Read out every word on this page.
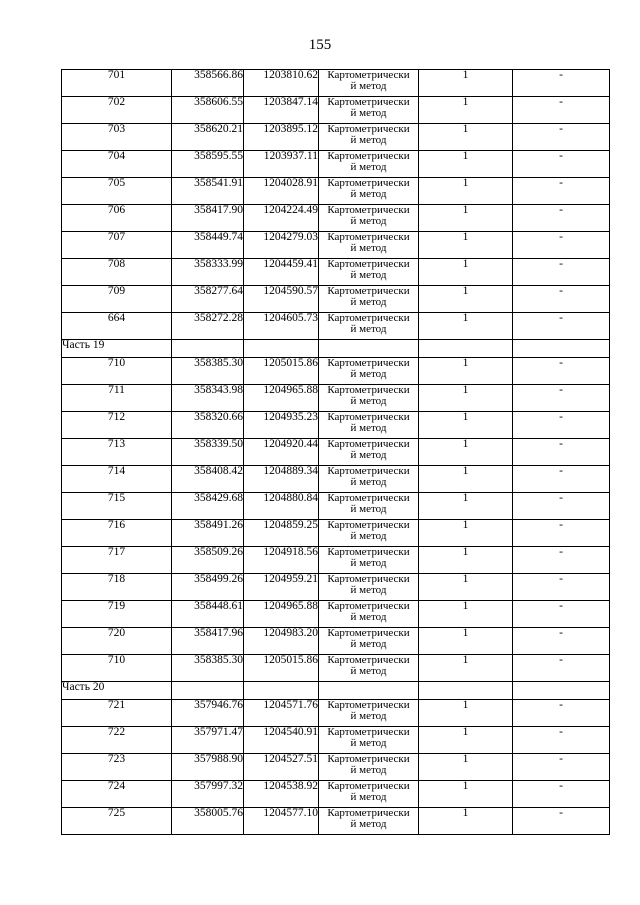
155
701	358566.86	1203810.62	Картометрически
й метод	1	-
702	358606.55	1203847.14	Картометрически
й метод	1	-
703	358620.21	1203895.12	Картометрически
й метод	1	-
704	358595.55	1203937.11	Картометрически
й метод	1	-
705	358541.91	1204028.91	Картометрически
й метод	1	-
706	358417.90	1204224.49	Картометрически
й метод	1	-
707	358449.74	1204279.03	Картометрически
й метод	1	-
708	358333.99	1204459.41	Картометрически
й метод	1	-
709	358277.64	1204590.57	Картометрически
й метод	1	-
664	358272.28	1204605.73	Картометрически
й метод	1	-
Часть 19					
710	358385.30	1205015.86	Картометрически
й метод	1	-
711	358343.98	1204965.88	Картометрически
й метод	1	-
712	358320.66	1204935.23	Картометрически
й метод	1	-
713	358339.50	1204920.44	Картометрически
й метод	1	-
714	358408.42	1204889.34	Картометрически
й метод	1	-
715	358429.68	1204880.84	Картометрически
й метод	1	-
716	358491.26	1204859.25	Картометрически
й метод	1	-
717	358509.26	1204918.56	Картометрически
й метод	1	-
718	358499.26	1204959.21	Картометрически
й метод	1	-
719	358448.61	1204965.88	Картометрически
й метод	1	-
720	358417.96	1204983.20	Картометрически
й метод	1	-
710	358385.30	1205015.86	Картометрически
й метод	1	-
Часть 20					
721	357946.76	1204571.76	Картометрически
й метод	1	-
722	357971.47	1204540.91	Картометрически
й метод	1	-
723	357988.90	1204527.51	Картометрически
й метод	1	-
724	357997.32	1204538.92	Картометрически
й метод	1	-
725	358005.76	1204577.10	Картометрически
й метод	1	-
